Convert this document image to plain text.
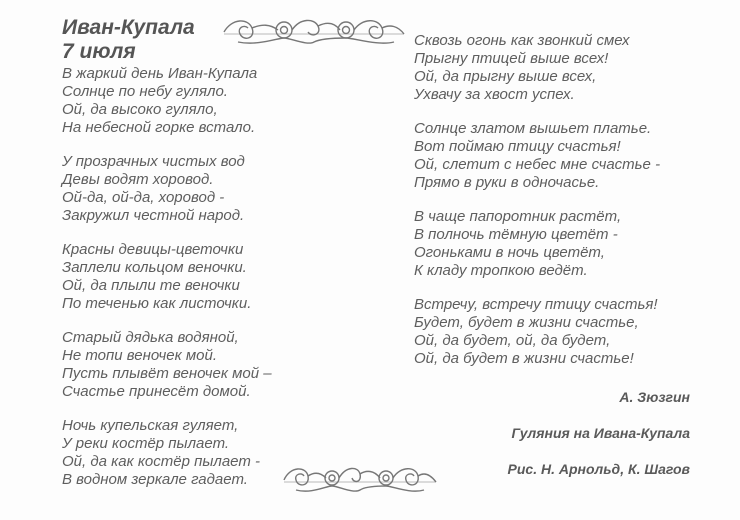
Иван-Купала
7 июля
В жаркий день Иван-Купала
Солнце по небу гуляло.
Ой, да высоко гуляло,
На небесной горке встало.
У прозрачных чистых вод
Девы водят хоровод.
Ой-да, ой-да, хоровод -
Закружил честной народ.
Красны девицы-цветочки
Заплели кольцом веночки.
Ой, да плыли те веночки
По теченью как листочки.
Старый дядька водяной,
Не топи веночек мой.
Пусть плывёт веночек мой –
Счастье принесёт домой.
Ночь купельская гуляет,
У реки костёр пылает.
Ой, да как костёр пылает -
В водном зеркале гадает.
Сквозь огонь как звонкий смех
Прыгну птицей выше всех!
Ой, да прыгну выше всех,
Ухвачу за хвост успех.
Солнце златом вышьет платье.
Вот поймаю птицу счастья!
Ой, слетит с небес мне счастье -
Прямо в руки в одночасье.
В чаще папоротник растёт,
В полночь тёмную цветёт -
Огоньками в ночь цветёт,
К кладу тропкою ведёт.
Встречу, встречу птицу счастья!
Будет, будет в жизни счастье,
Ой, да будет, ой, да будет,
Ой, да будет в жизни счастье!
А. Зюзгин
Гуляния на Ивана-Купала
Рис. Н. Арнольд, К. Шагов
